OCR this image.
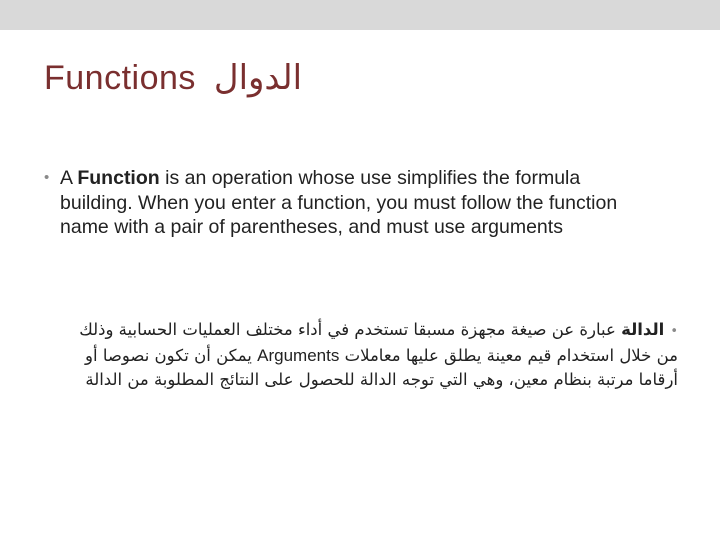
Functions الدوال
• A Function is an operation whose use simplifies the formula building. When you enter a function, you must follow the function name with a pair of parentheses, and must use arguments
•الدالة عبارة عن صيغة مجهزة مسبقا تستخدم في أداء مختلف العمليات الحسابية وذلك من خلال استخدام قيم معينة يطلق عليها معاملات Arguments يمكن أن تكون نصوصا أو أرقاما مرتبة بنظام معين، وهي التي توجه الدالة للحصول على النتائج المطلوبة من الدالة
